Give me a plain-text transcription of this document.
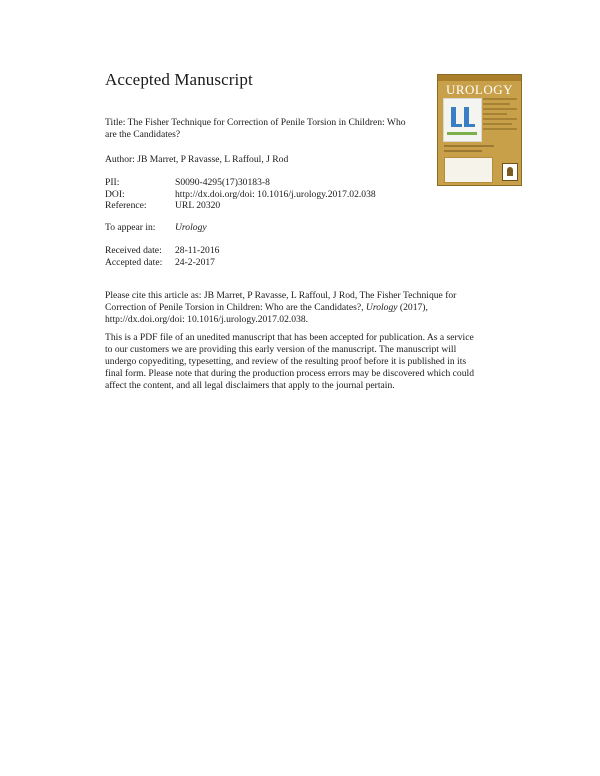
Accepted Manuscript
UROLOGY

Title: The Fisher Technique for Correction of Penile Torsion in Children: Who

are the Candidates?

Author: JB Marret, P Ravasse, L Raffoul, J Rod

PII:	S0090-4295(17)30183-8
DOI:	http://dx.doi.org/doi: 10.1016/j.urology.2017.02.038
Reference:	URL 20320
To appear in:	Urology
Received date:	28-11-2016
Accepted date:	24-2-2017
Please cite this article as: JB Marret, P Ravasse, L Raffoul, J Rod, The Fisher Technique for
Correction of Penile Torsion in Children: Who are the Candidates?, Urology (2017),
http://dx.doi.org/doi: 10.1016/j.urology.2017.02.038.
This is a PDF file of an unedited manuscript that has been accepted for publication. As a service
to our customers we are providing this early version of the manuscript. The manuscript will
undergo copyediting, typesetting, and review of the resulting proof before it is published in its
final form. Please note that during the production process errors may be discovered which could
affect the content, and all legal disclaimers that apply to the journal pertain.
